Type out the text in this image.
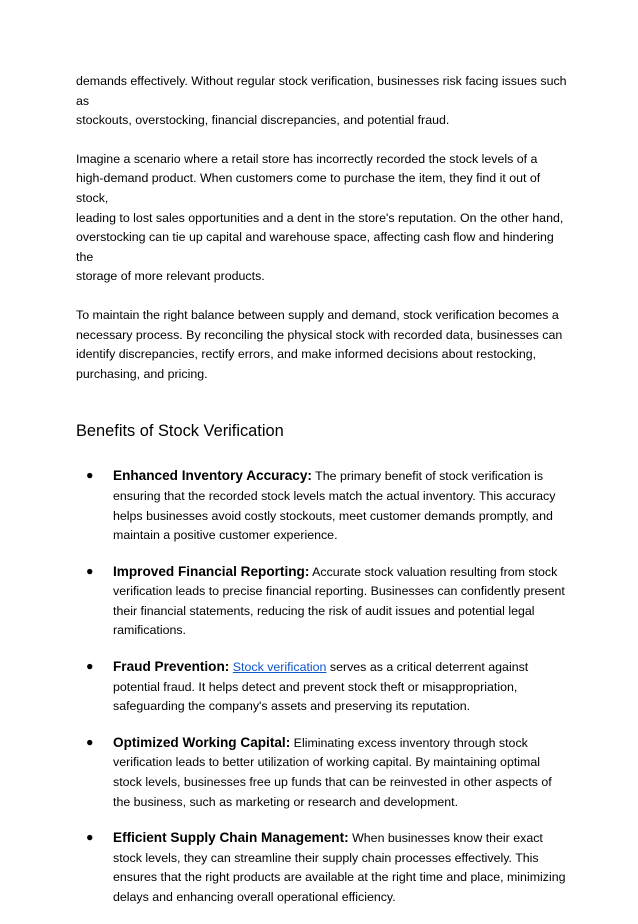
demands effectively. Without regular stock verification, businesses risk facing issues such as
stockouts, overstocking, financial discrepancies, and potential fraud.

Imagine a scenario where a retail store has incorrectly recorded the stock levels of a
high-demand product. When customers come to purchase the item, they find it out of stock,
leading to lost sales opportunities and a dent in the store's reputation. On the other hand,
overstocking can tie up capital and warehouse space, affecting cash flow and hindering the
storage of more relevant products.

To maintain the right balance between supply and demand, stock verification becomes a
necessary process. By reconciling the physical stock with recorded data, businesses can
identify discrepancies, rectify errors, and make informed decisions about restocking,
purchasing, and pricing.

Benefits of Stock Verification
● Enhanced Inventory Accuracy: The primary benefit of stock verification is ensuring that the recorded stock levels match the actual inventory. This accuracy helps businesses avoid costly stockouts, meet customer demands promptly, and maintain a positive customer experience.
● Improved Financial Reporting: Accurate stock valuation resulting from stock verification leads to precise financial reporting. Businesses can confidently present their financial statements, reducing the risk of audit issues and potential legal ramifications.
● Fraud Prevention: Stock verification serves as a critical deterrent against potential fraud. It helps detect and prevent stock theft or misappropriation, safeguarding the company's assets and preserving its reputation.
● Optimized Working Capital: Eliminating excess inventory through stock verification leads to better utilization of working capital. By maintaining optimal stock levels, businesses free up funds that can be reinvested in other aspects of the business, such as marketing or research and development.
● Efficient Supply Chain Management: When businesses know their exact stock levels, they can streamline their supply chain processes effectively. This ensures that the right products are available at the right time and place, minimizing delays and enhancing overall operational efficiency.
